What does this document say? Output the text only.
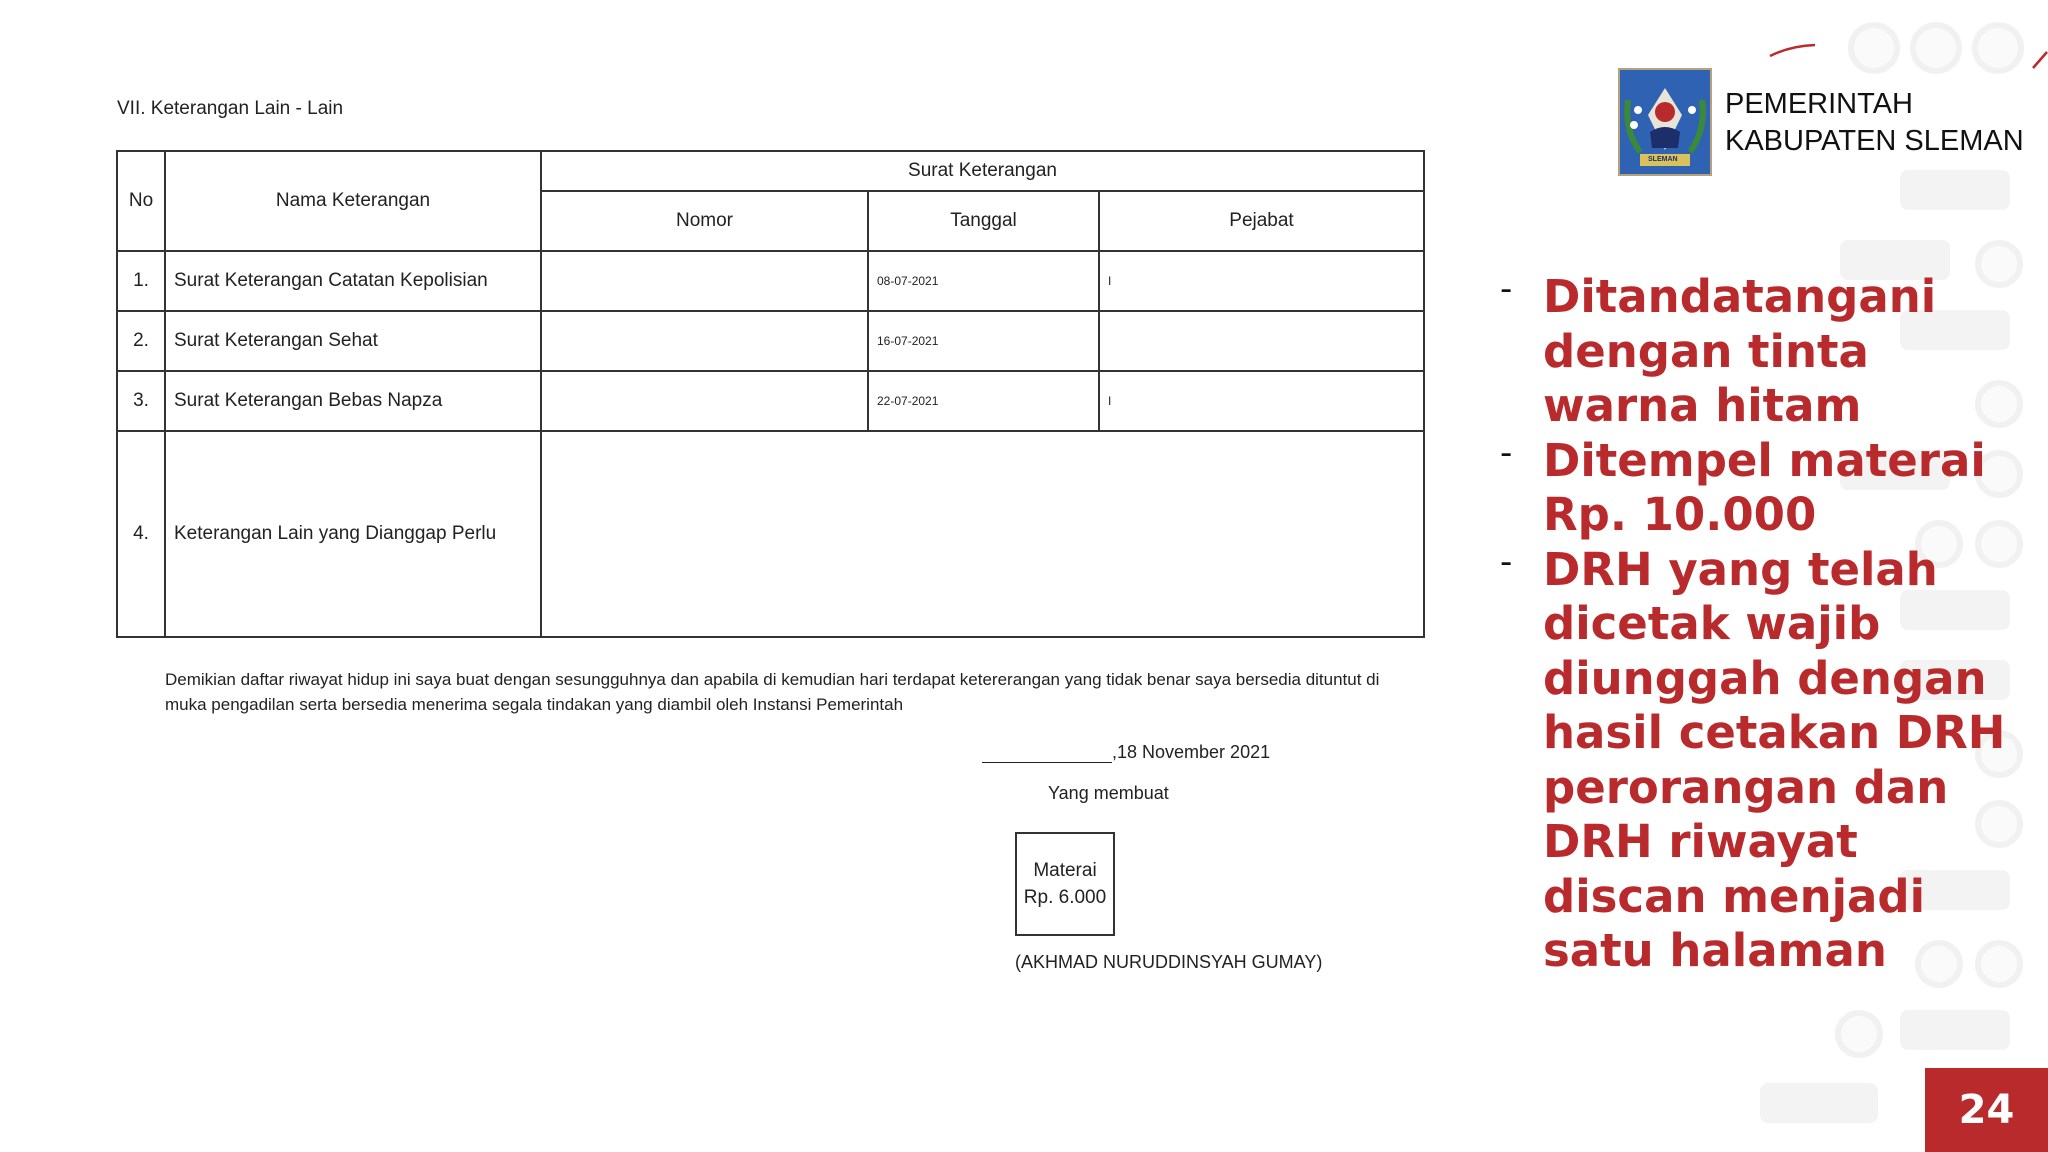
VII. Keterangan Lain - Lain
No	Nama Keterangan	Surat Keterangan		
		Nomor	Tanggal	Pejabat
1.	Surat Keterangan Catatan Kepolisian		08-07-2021	I
2.	Surat Keterangan Sehat		16-07-2021	
3.	Surat Keterangan Bebas Napza		22-07-2021	I
4.	Keterangan Lain yang Dianggap Perlu			
Demikian daftar riwayat hidup ini saya buat dengan sesungguhnya dan apabila di kemudian hari terdapat ketererangan yang tidak benar saya bersedia dituntut di muka pengadilan serta bersedia menerima segala tindakan yang diambil oleh Instansi Pemerintah
,18 November 2021
Yang membuat
Materai
Rp. 6.000
(AKHMAD NURUDDINSYAH GUMAY)
SLEMAN
PEMERINTAH
KABUPATEN SLEMAN
- Ditandatangani dengan tinta warna hitam
- Ditempel materai Rp. 10.000
- DRH yang telah dicetak wajib diunggah dengan hasil cetakan DRH perorangan dan DRH riwayat discan menjadi satu halaman
24
